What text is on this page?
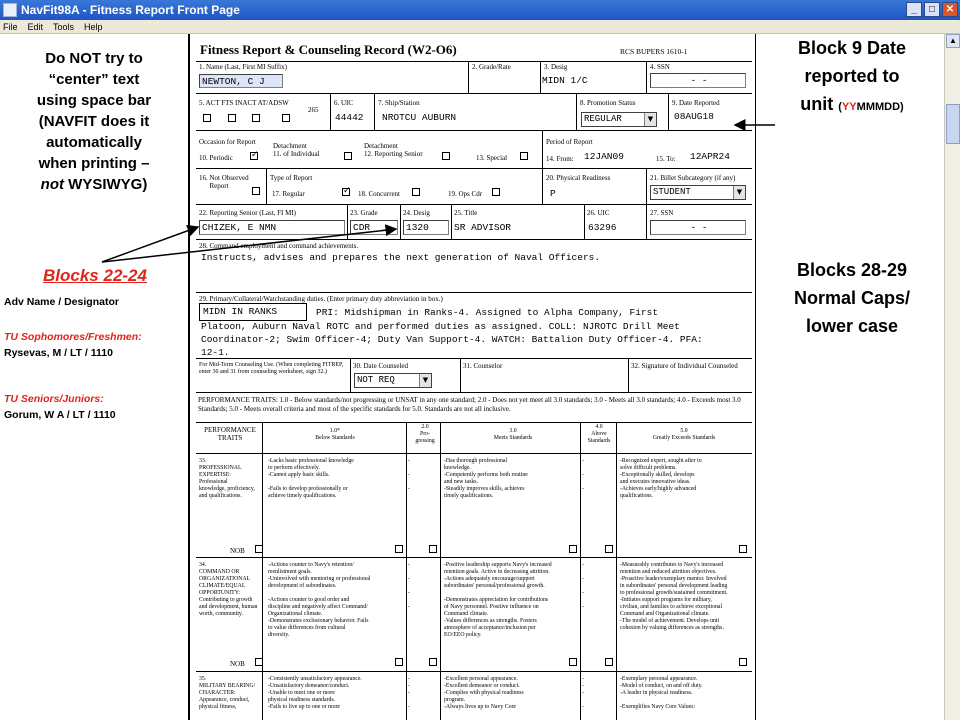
NavFit98A - Fitness Report Front Page	_	□	✕
File Edit Tools Help
▲
Fitness Report & Counseling Record (W2-O6)	RCS BUPERS 1610-1
1. Name (Last, First MI Suffix)
NEWTON, C J
2. Grade/Rate	3. Desig
MIDN 1/C
4. SSN
- -
5. ACT FTS INACT AT/ADSW
265
6. UIC
44442
7. Ship/Station
NROTCU AUBURN
8. Promotion Status
REGULAR	▼
9. Date Reported
08AUG18
Occasion for Report
10. Periodic
✓
Detachment
11. of Individual
Detachment
12. Reporting Senior	13. Special
Period of Report
14. From: 12JAN09	15. To: 12APR24
16. Not Observed
Report
Type of Report
17. Regular
✓	18. Concurrent	19. Ops Cdr
20. Physical Readiness
P
21. Billet Subcategory (if any)
STUDENT	▼
22. Reporting Senior (Last, FI MI)
CHIZEK, E NMN
23. Grade
CDR
24. Desig
1320
25. Title
SR ADVISOR
26. UIC
63296
27. SSN
- -
28. Command employment and command achievements.
Instructs, advises and prepares the next generation of Naval Officers.
29. Primary/Collateral/Watchstanding duties. (Enter primary duty abbreviation in box.)
MIDN IN RANKS	PRI: Midshipman in Ranks-4. Assigned to Alpha Company, First
Platoon, Auburn Naval ROTC and performed duties as assigned. COLL: NJROTC Drill Meet
Coordinator-2; Swim Officer-4; Duty Van Support-4. WATCH: Battalion Duty Officer-4. PFA:
12-1.
For Mid-Term Counseling Use. (When completing FITREP,
enter 30 and 31 from counseling worksheet, sign 32.)
30. Date Counseled
NOT REQ	▼
31. Counselor	32. Signature of Individual Counseled
PERFORMANCE TRAITS: 1.0 - Below standards/not progressing or UNSAT in any one standard; 2.0 - Does not yet meet all 3.0 standards; 3.0 - Meets all 3.0 standards; 4.0 - Exceeds most 3.0 Standards; 5.0 - Meets overall criteria and most of the specific standards for 5.0. Standards are not all inclusive.
PERFORMANCE
TRAITS
1.0*
Below Standards
2.0
Pro-
gressing
3.0
Meets Standards
4.0
Above
Standards
5.0
Greatly Exceeds Standards
33.
PROFESSIONAL
EXPERTISE:
Professional
knowledge, proficiency,
and qualifications.
-Lacks basic professional knowledge
to perform effectively.
-Cannot apply basic skills.

-Fails to develop professionally or
achieve timely qualifications.
-

-

-
-Has thorough professional
knowledge.
-Competently performs both routine
and new tasks.
-Steadily improves skills, achieves
timely qualifications.
-

-

-
-Recognized expert, sought after to
solve difficult problems.
-Exceptionally skilled, develops
and executes innovative ideas.
-Achieves early/highly advanced
qualifications.
NOB
34.
COMMAND OR
ORGANIZATIONAL
CLIMATE/EQUAL
OPPORTUNITY:
Contributing to growth
and development, human
worth, community.
-Actions counter to Navy's retention/
reenlistment goals.
-Uninvolved with mentoring or professional
development of subordinates.

-Actions counter to good order and
discipline and negatively affect Command/
Organizational climate.
-Demonstrates exclusionary behavior. Fails
to value differences from cultural
diversity.
-

-

-

-
-Positive leadership supports Navy's increased
retention goals. Active in decreasing attrition.
-Actions adequately encourage/support
subordinates' personal/professional growth.

-Demonstrates appreciation for contributions
of Navy personnel. Positive influence on
Command climate.
-Values differences as strengths. Fosters
atmosphere of acceptance/inclusion per
EO/EEO policy.
-

-

-

-
-Measurably contributes to Navy's increased
retention and reduced attrition objectives.
-Proactive leader/exemplary mentor. Involved
in subordinates' personal development leading
to professional growth/sustained commitment.
-Initiates support programs for military,
civilian, and families to achieve exceptional
Command and Organizational climate.
-The model of achievement. Develops unit
cohesion by valuing differences as strengths.
NOB
35.
MILITARY BEARING/
CHARACTER:
Appearance, conduct,
physical fitness,
-Consistently unsatisfactory appearance.
-Unsatisfactory demeanor/conduct.
-Unable to meet one or more
physical readiness standards.
-Fails to live up to one or more
-
-
-

-
-Excellent personal appearance.
-Excellent demeanor or conduct.
-Complies with physical readiness
program.
-Always lives up to Navy Core
-
-
-

-
-Exemplary personal appearance.
-Model of conduct, on and off duty.
-A leader in physical readiness.

-Exemplifies Navy Core Values:
Do NOT try to
“center” text
using space bar
(NAVFIT does it
automatically
when printing –
not WYSIWYG)
Blocks 22-24
Adv Name / Designator
TU Sophomores/Freshmen:
Rysevas, M / LT / 1110
TU Seniors/Juniors:
Gorum, W A / LT / 1110
Block 9 Date
reported to
unit (YYMMMDD)
Blocks 28-29
Normal Caps/
lower case
